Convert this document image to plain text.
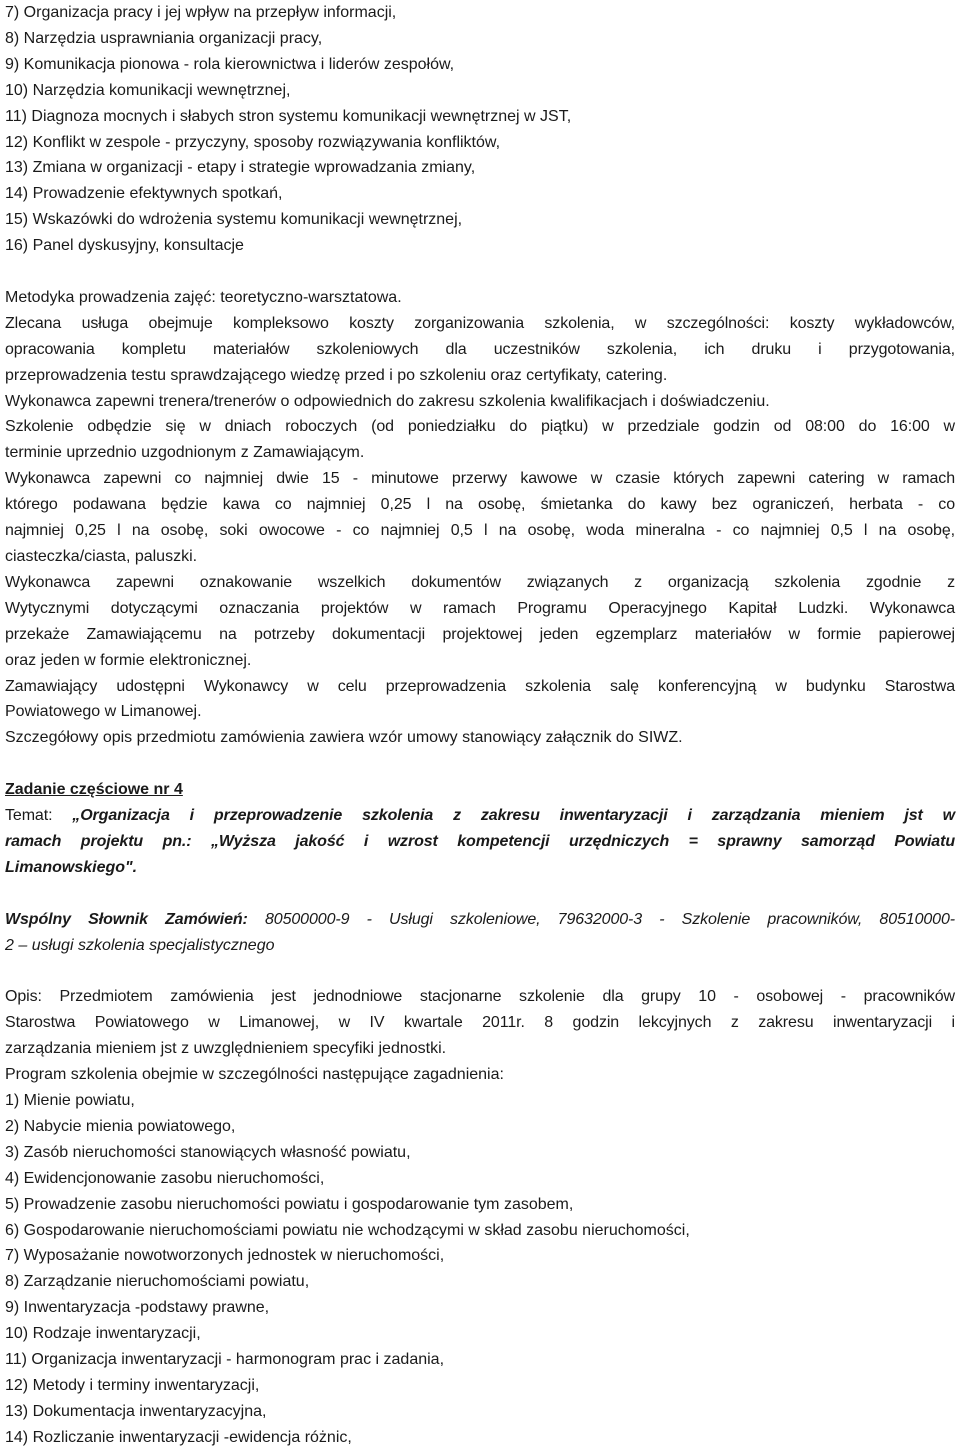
7) Organizacja pracy i jej wpływ na przepływ informacji,

8) Narzędzia usprawniania organizacji pracy,

9) Komunikacja pionowa - rola kierownictwa i liderów zespołów,

10) Narzędzia komunikacji wewnętrznej,

11) Diagnoza mocnych i słabych stron systemu komunikacji wewnętrznej w JST,

12) Konflikt w zespole - przyczyny, sposoby rozwiązywania konfliktów,

13) Zmiana w organizacji - etapy i strategie wprowadzania zmiany,

14) Prowadzenie efektywnych spotkań,

15) Wskazówki do wdrożenia systemu komunikacji wewnętrznej,

16) Panel dyskusyjny, konsultacje

Metodyka prowadzenia zajęć: teoretyczno-warsztatowa.

Zlecana usługa obejmuje kompleksowo koszty zorganizowania szkolenia, w szczególności: koszty wykładowców,

opracowania kompletu materiałów szkoleniowych dla uczestników szkolenia, ich druku i przygotowania,

przeprowadzenia testu sprawdzającego wiedzę przed i po szkoleniu oraz certyfikaty, catering.

Wykonawca zapewni trenera/trenerów o odpowiednich do zakresu szkolenia kwalifikacjach i doświadczeniu.

Szkolenie odbędzie się w dniach roboczych (od poniedziałku do piątku) w przedziale godzin od 08:00 do 16:00 w

terminie uprzednio uzgodnionym z Zamawiającym.

Wykonawca zapewni co najmniej dwie 15 - minutowe przerwy kawowe w czasie których zapewni catering w ramach

którego podawana będzie kawa co najmniej 0,25 l na osobę, śmietanka do kawy bez ograniczeń, herbata - co

najmniej 0,25 l na osobę, soki owocowe - co najmniej 0,5 l na osobę, woda mineralna - co najmniej 0,5 l na osobę,

ciasteczka/ciasta, paluszki.

Wykonawca zapewni oznakowanie wszelkich dokumentów związanych z organizacją szkolenia zgodnie z

Wytycznymi dotyczącymi oznaczania projektów w ramach Programu Operacyjnego Kapitał Ludzki. Wykonawca

przekaże Zamawiającemu na potrzeby dokumentacji projektowej jeden egzemplarz materiałów w formie papierowej

oraz jeden w formie elektronicznej.

Zamawiający udostępni Wykonawcy w celu przeprowadzenia szkolenia salę konferencyjną w budynku Starostwa

Powiatowego w Limanowej.

Szczegółowy opis przedmiotu zamówienia zawiera wzór umowy stanowiący załącznik do SIWZ.

Zadanie częściowe nr 4

Temat: „Organizacja i przeprowadzenie szkolenia z zakresu inwentaryzacji i zarządzania mieniem jst w

ramach projektu pn.: „Wyższa jakość i wzrost kompetencji urzędniczych = sprawny samorząd Powiatu

Limanowskiego".

Wspólny Słownik Zamówień: 80500000-9 - Usługi szkoleniowe, 79632000-3 - Szkolenie pracowników, 80510000-

2 – usługi szkolenia specjalistycznego

Opis: Przedmiotem zamówienia jest jednodniowe stacjonarne szkolenie dla grupy 10 - osobowej - pracowników

Starostwa Powiatowego w Limanowej, w IV kwartale 2011r. 8 godzin lekcyjnych z zakresu inwentaryzacji i

zarządzania mieniem jst z uwzględnieniem specyfiki jednostki.

Program szkolenia obejmie w szczególności następujące zagadnienia:

1) Mienie powiatu,

2) Nabycie mienia powiatowego,

3) Zasób nieruchomości stanowiących własność powiatu,

4) Ewidencjonowanie zasobu nieruchomości,

5) Prowadzenie zasobu nieruchomości powiatu i gospodarowanie tym zasobem,

6) Gospodarowanie nieruchomościami powiatu nie wchodzącymi w skład zasobu nieruchomości,

7) Wyposażanie nowotworzonych jednostek w nieruchomości,

8) Zarządzanie nieruchomościami powiatu,

9) Inwentaryzacja -podstawy prawne,

10) Rodzaje inwentaryzacji,

11) Organizacja inwentaryzacji - harmonogram prac i zadania,

12) Metody i terminy inwentaryzacji,

13) Dokumentacja inwentaryzacyjna,

14) Rozliczanie inwentaryzacji -ewidencja różnic,
